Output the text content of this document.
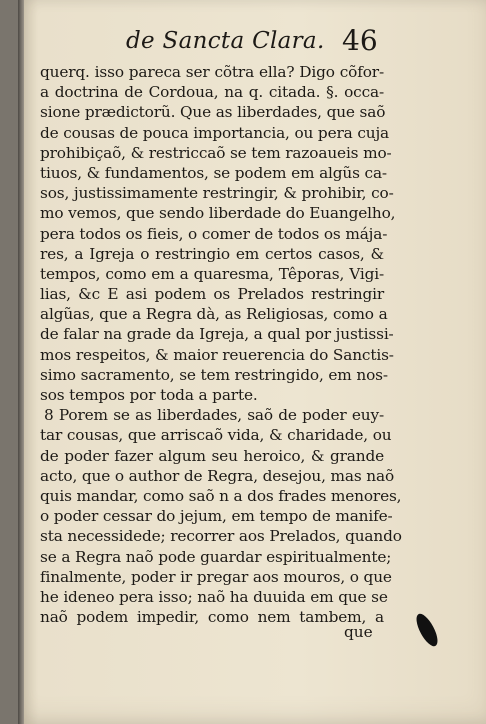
de Sancta Clara. 46
querq. isso pareca ser cõtra ella? Digo cõfor-
a doctrina de Cordoua, na q. citada. §. occa-
sione prædictorũ. Que as liberdades, que saõ
de cousas de pouca importancia, ou pera cuja
prohibiçaõ, & restriccaõ se tem razoaueis mo-
tiuos, & fundamentos, se podem em algũs ca-
sos, justissimamente restringir, & prohibir, co-
mo vemos, que sendo liberdade do Euangelho,
pera todos os fieis, o comer de todos os mája-
res, a Igreja o restringio em certos casos, &
tempos, como em a quaresma, Têporas, Vigi-
lias, &c E asi podem os Prelados restringir
algũas, que a Regra dà, as Religiosas, como a
de falar na grade da Igreja, a qual por justissi-
mos respeitos, & maior reuerencia do Sanctis-
simo sacramento, se tem restringido, em nos-
sos tempos por toda a parte.
8 Porem se as liberdades, saõ de poder euy-
tar cousas, que arriscaõ vida, & charidade, ou
de poder fazer algum seu heroico, & grande
acto, que o author de Regra, desejou, mas naõ
quis mandar, como saõ n a dos frades menores,
o poder cessar do jejum, em tempo de manife-
sta necessidede; recorrer aos Prelados, quando
se a Regra naõ pode guardar espiritualmente;
finalmente, poder ir pregar aos mouros, o que
he ideneo pera isso; naõ ha duuida em que se
naõ podem impedir, como nem tambem, a
que
